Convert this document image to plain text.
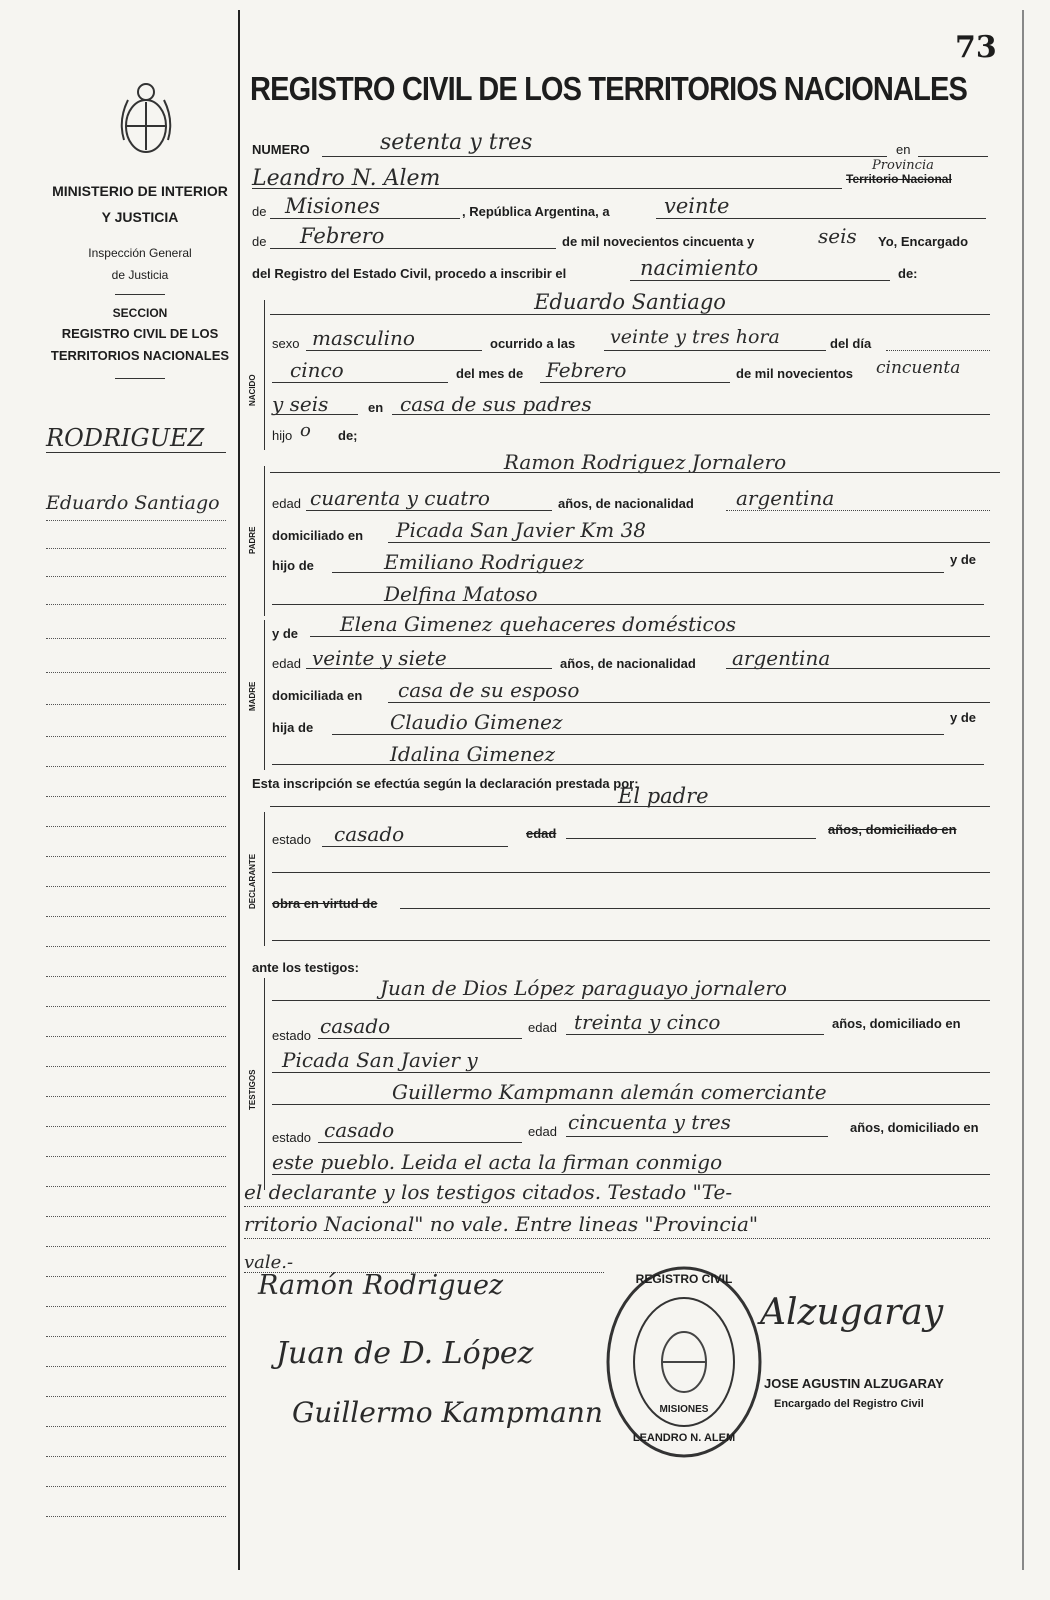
73
MINISTERIO DE INTERIOR
Y JUSTICIA
Inspección General
de Justicia
SECCION
REGISTRO CIVIL DE LOS
TERRITORIOS NACIONALES
RODRIGUEZ
Eduardo Santiago
REGISTRO CIVIL DE LOS TERRITORIOS NACIONALES
NUMERO	setenta y tres	en
Leandro N. Alem
Provincia
Territorio Nacional
de Misiones	, República Argentina, a	veinte
de Febrero	de mil novecientos cincuenta y	seis Yo, Encargado
del Registro del Estado Civil, procedo a inscribir el	nacimiento	de:
NACIDO
Eduardo Santiago
sexo masculino	ocurrido a las veinte y tres hora	del día
cinco	del mes de Febrero	de mil novecientos cincuenta
y seis	en casa de sus padres
hijo o de;
PADRE
Ramon Rodriguez Jornalero
edad cuarenta y cuatro	años, de nacionalidad argentina
domiciliado en Picada San Javier Km 38
hijo de	Emiliano Rodriguez	y de
Delfina Matoso
MADRE
y de Elena Gimenez quehaceres domésticos
edad veinte y siete	años, de nacionalidad argentina
domiciliada en casa de su esposo
hija de	Claudio Gimenez	y de
Idalina Gimenez
Esta inscripción se efectúa según la declaración prestada por:
El padre
DECLARANTE
estado casado	edad	años, domiciliado en
obra en virtud de
ante los testigos:
TESTIGOS
Juan de Dios López paraguayo jornalero
estado casado	edad treinta y cinco	años, domiciliado en
Picada San Javier y
Guillermo Kampmann alemán comerciante
estado casado	edad cincuenta y tres	años, domiciliado en
este pueblo. Leida el acta la firman conmigo
el declarante y los testigos citados. Testado "Te-
rritorio Nacional" no vale. Entre lineas "Provincia"
vale.-
Ramón Rodriguez
Juan de D. López
Guillermo Kampmann
REGISTRO CIVIL
MISIONES
LEANDRO N. ALEM
Alzugaray
JOSE AGUSTIN ALZUGARAY
Encargado del Registro Civil
